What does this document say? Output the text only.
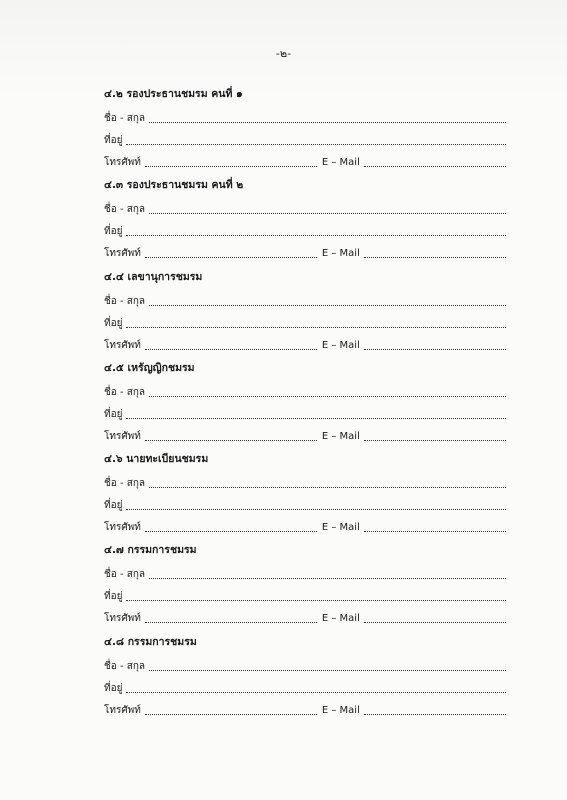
-๒-
๔.๒ รองประธานชมรม คนที่ ๑
ชื่อ - สกุล
ที่อยู่
โทรศัพท์	E – Mail
๔.๓ รองประธานชมรม คนที่ ๒
ชื่อ - สกุล
ที่อยู่
โทรศัพท์	E – Mail
๔.๔ เลขานุการชมรม
ชื่อ - สกุล
ที่อยู่
โทรศัพท์	E – Mail
๔.๕ เหรัญญิกชมรม
ชื่อ - สกุล
ที่อยู่
โทรศัพท์	E – Mail
๔.๖ นายทะเบียนชมรม
ชื่อ - สกุล
ที่อยู่
โทรศัพท์	E – Mail
๔.๗ กรรมการชมรม
ชื่อ - สกุล
ที่อยู่
โทรศัพท์	E – Mail
๔.๘ กรรมการชมรม
ชื่อ - สกุล
ที่อยู่
โทรศัพท์	E – Mail
